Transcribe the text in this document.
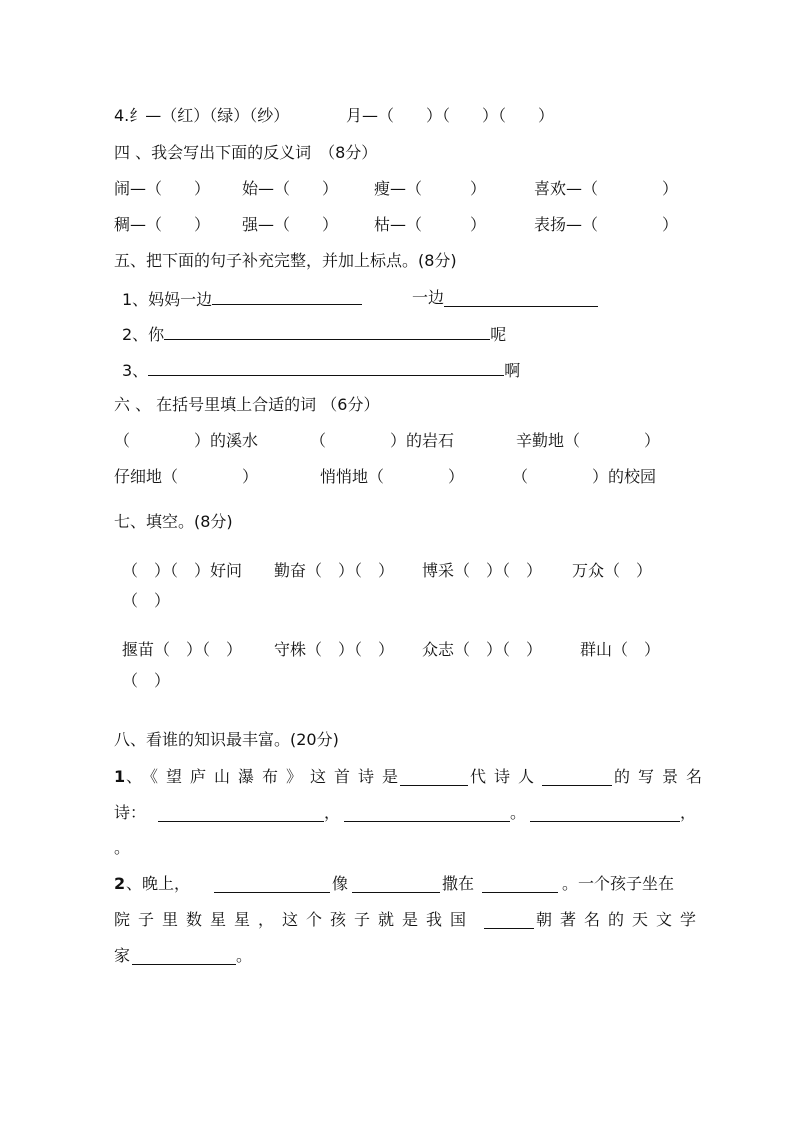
4.纟—（红）（绿）（纱）	月—（　　）（　　）（　　）
四 、我会写出下面的反义词　（8分）
闹—（　　） 始—（　　） 瘦—（　　　）	喜欢—（　　　　）
稠—（　　） 强—（　　） 枯—（　　　）	表扬—（　　　　）
五、把下面的句子补充完整，并加上标点。(8分)
1、妈妈一边	一边
2、你	呢
3、	啊
六 、 在括号里填上合适的词 （6分）
（　　　　）的溪水	（　　　　）的岩石	辛勤地（　　　　）
仔细地（　　　　）	悄悄地（　　　　）	（　　　　）的校园
七、填空。(8分)
（　）（　）好问 勤奋（　）（　） 博采（　）（　） 万众（　）
（　）
揠苗（　）（　） 守株（　）（　） 众志（　）（　） 群山（　）
（　）
八、看谁的知识最丰富。(20分)
1 、《望庐山瀑布》这首诗是	代诗人	的写景名
诗：	，	。	，
。
2 、晚上，	像	撒在	。一个孩子坐在
院子里数星星，这个孩子就是我国	朝著名的天文学
家	。
